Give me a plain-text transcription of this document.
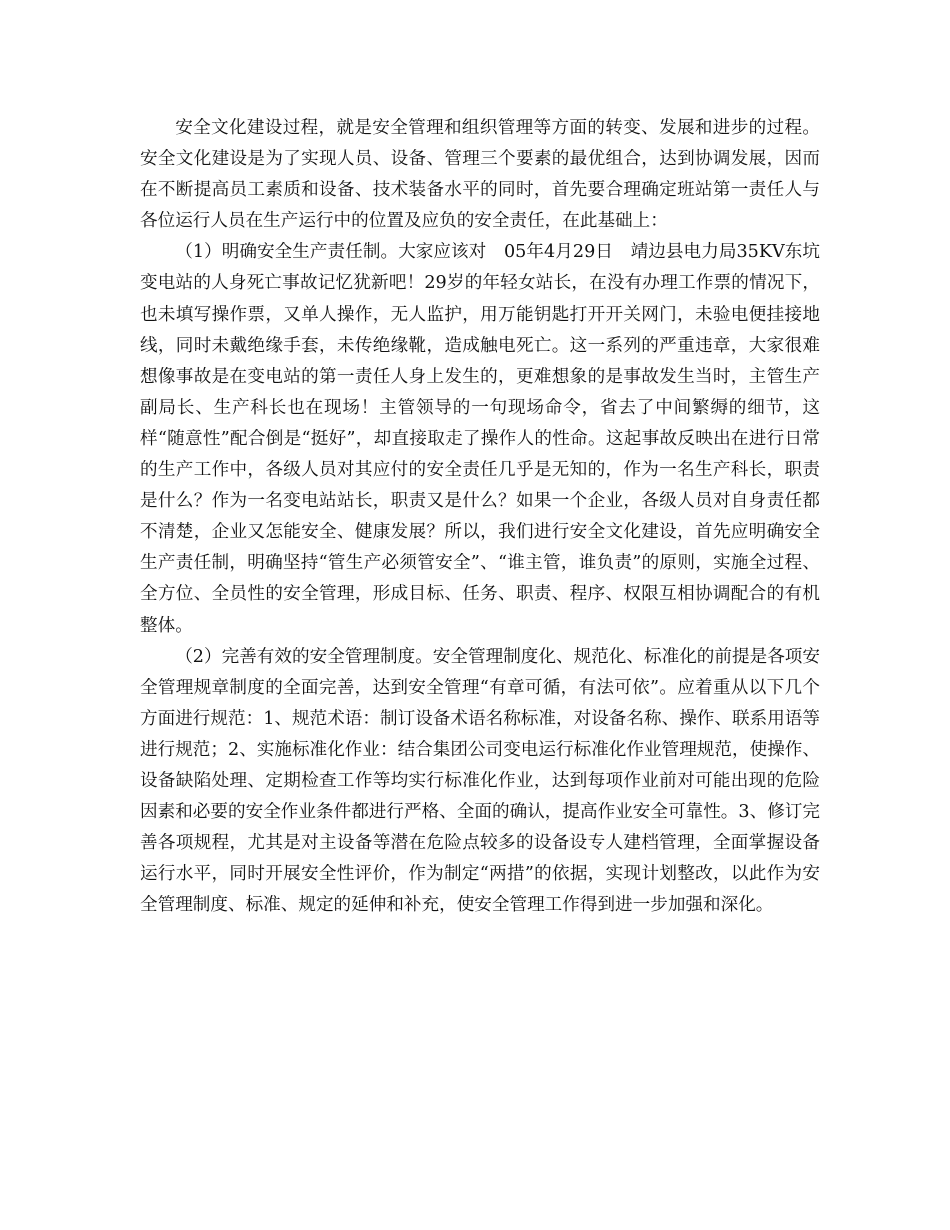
安全文化建设过程，就是安全管理和组织管理等方面的转变、发展和进步的过程。安全文化建设是为了实现人员、设备、管理三个要素的最优组合，达到协调发展，因而在不断提高员工素质和设备、技术装备水平的同时，首先要合理确定班站第一责任人与各位运行人员在生产运行中的位置及应负的安全责任，在此基础上：

（1）明确安全生产责任制。大家应该对　05年4月29日　靖边县电力局35KV东坑变电站的人身死亡事故记忆犹新吧！29岁的年轻女站长，在没有办理工作票的情况下，也未填写操作票，又单人操作，无人监护，用万能钥匙打开开关网门，未验电便挂接地线，同时未戴绝缘手套，未传绝缘靴，造成触电死亡。这一系列的严重违章，大家很难想像事故是在变电站的第一责任人身上发生的，更难想象的是事故发生当时，主管生产副局长、生产科长也在现场！主管领导的一句现场命令，省去了中间繁缛的细节，这样“随意性”配合倒是“挺好”，却直接取走了操作人的性命。这起事故反映出在进行日常的生产工作中，各级人员对其应付的安全责任几乎是无知的，作为一名生产科长，职责是什么？作为一名变电站站长，职责又是什么？如果一个企业，各级人员对自身责任都不清楚，企业又怎能安全、健康发展？所以，我们进行安全文化建设，首先应明确安全生产责任制，明确坚持“管生产必须管安全”、“谁主管，谁负责”的原则，实施全过程、全方位、全员性的安全管理，形成目标、任务、职责、程序、权限互相协调配合的有机整体。

（2）完善有效的安全管理制度。安全管理制度化、规范化、标准化的前提是各项安全管理规章制度的全面完善，达到安全管理“有章可循，有法可依”。应着重从以下几个方面进行规范：1、规范术语：制订设备术语名称标准，对设备名称、操作、联系用语等进行规范；2、实施标准化作业：结合集团公司变电运行标准化作业管理规范，使操作、设备缺陷处理、定期检查工作等均实行标准化作业，达到每项作业前对可能出现的危险因素和必要的安全作业条件都进行严格、全面的确认，提高作业安全可靠性。3、修订完善各项规程，尤其是对主设备等潜在危险点较多的设备设专人建档管理，全面掌握设备运行水平，同时开展安全性评价，作为制定“两措”的依据，实现计划整改，以此作为安全管理制度、标准、规定的延伸和补充，使安全管理工作得到进一步加强和深化。
